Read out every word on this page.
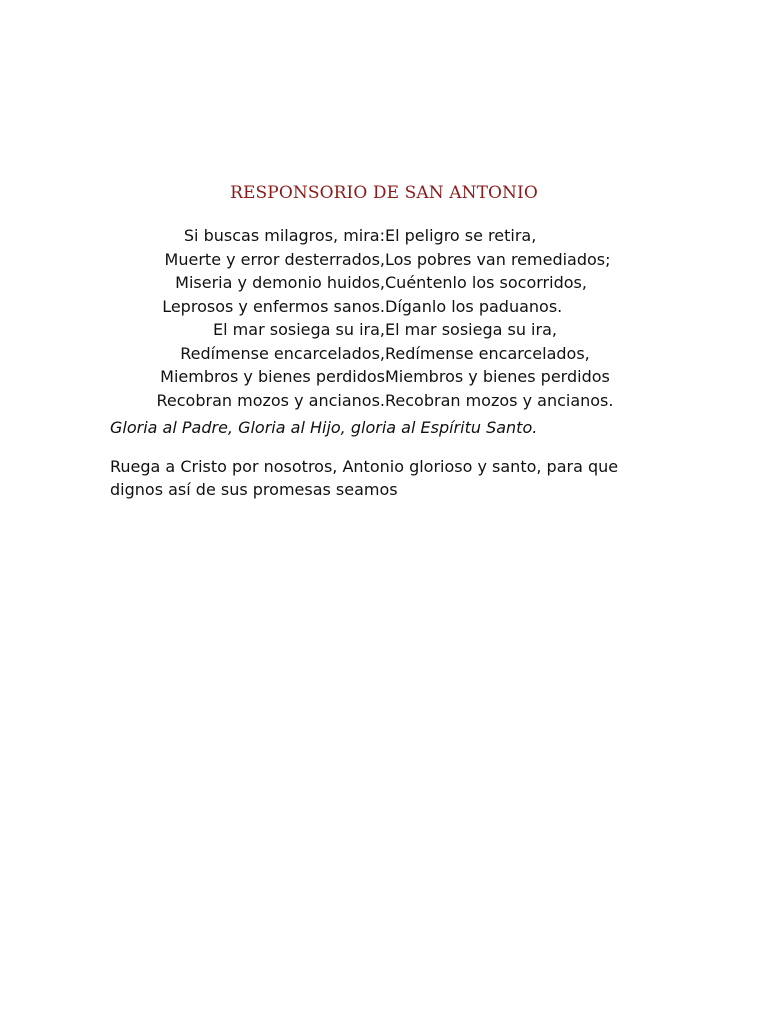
RESPONSORIO DE SAN ANTONIO
Si buscas milagros, mira: El peligro se retira,
Muerte y error desterrados, Los pobres van remediados;
Miseria y demonio huidos, Cuéntenlo los socorridos,
Leprosos y enfermos sanos. Díganlo los paduanos.
El mar sosiega su ira, El mar sosiega su ira,
Redímense encarcelados, Redímense encarcelados,
Miembros y bienes perdidos Miembros y bienes perdidos
Recobran mozos y ancianos. Recobran mozos y ancianos.
Gloria al Padre, Gloria al Hijo, gloria al Espíritu Santo.
Ruega a Cristo por nosotros, Antonio glorioso y santo, para que dignos así de sus promesas seamos
